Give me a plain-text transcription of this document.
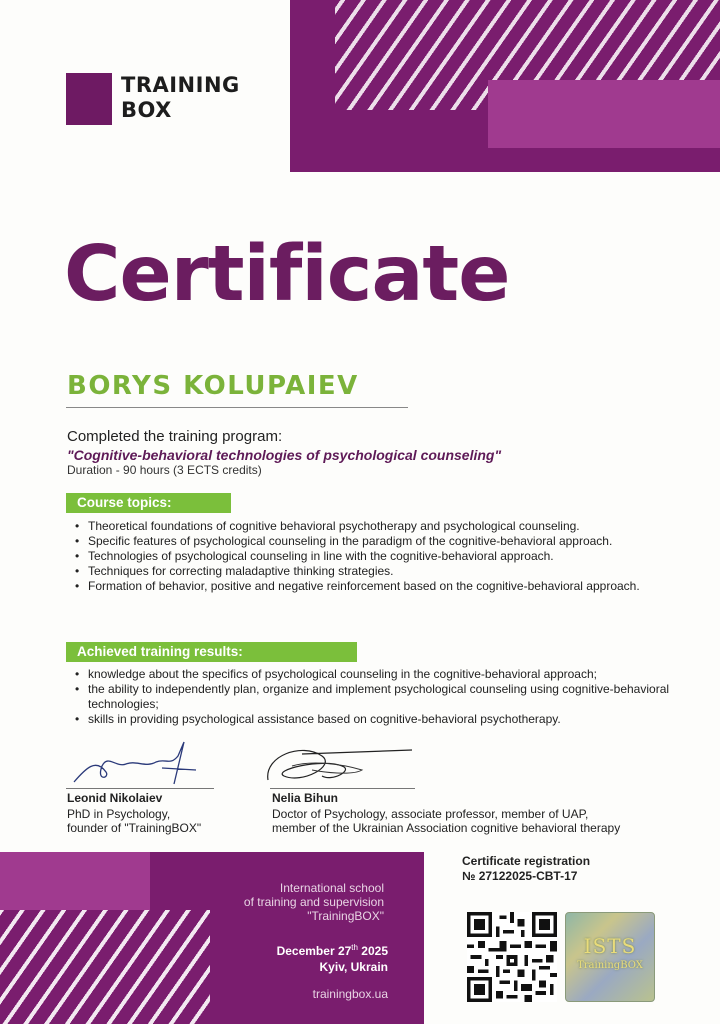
TRAINING
BOX
Certificate
BORYS KOLUPAIEV
Completed the training program:
"Cognitive-behavioral technologies of psychological counseling"
Duration - 90 hours (3 ECTS credits)
Course topics:
• Theoretical foundations of cognitive behavioral psychotherapy and psychological counseling.
• Specific features of psychological counseling in the paradigm of the cognitive-behavioral approach.
• Technologies of psychological counseling in line with the cognitive-behavioral approach.
• Techniques for correcting maladaptive thinking strategies.
• Formation of behavior, positive and negative reinforcement based on the cognitive-behavioral approach.
Achieved training results:
• knowledge about the specifics of psychological counseling in the cognitive-behavioral approach;
• the ability to independently plan, organize and implement psychological counseling using cognitive-behavioral technologies;
• skills in providing psychological assistance based on cognitive-behavioral psychotherapy.
Leonid Nikolaiev
PhD in Psychology,
founder of "TrainingBOX"
Nelia Bihun
Doctor of Psychology, associate professor, member of UAP,
member of the Ukrainian Association cognitive behavioral therapy
International school
of training and supervision
"TrainingBOX"
December 27th 2025
Kyiv, Ukrain
trainingbox.ua
Certificate registration
№ 27122025-CBT-17
ISTS
TrainingBOX
